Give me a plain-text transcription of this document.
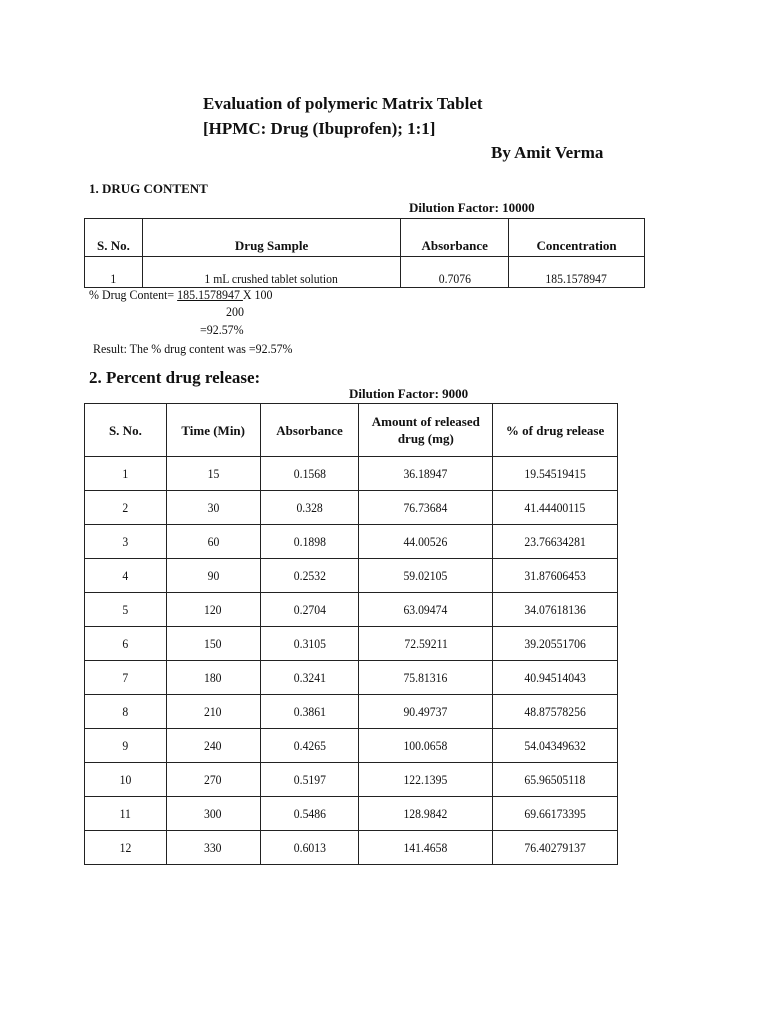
Evaluation of polymeric Matrix Tablet
[HPMC: Drug (Ibuprofen); 1:1]
By Amit Verma
1. DRUG CONTENT
Dilution Factor: 10000
S. No.	Drug Sample	Absorbance	Concentration
1	1 mL crushed tablet solution	0.7076	185.1578947
% Drug Content= 185.1578947 X 100
200
=92.57%
Result: The % drug content was =92.57%
2. Percent drug release:
Dilution Factor: 9000
S. No.	Time (Min)	Absorbance	Amount of released drug (mg)	% of drug release
1	15	0.1568	36.18947	19.54519415
2	30	0.328	76.73684	41.44400115
3	60	0.1898	44.00526	23.76634281
4	90	0.2532	59.02105	31.87606453
5	120	0.2704	63.09474	34.07618136
6	150	0.3105	72.59211	39.20551706
7	180	0.3241	75.81316	40.94514043
8	210	0.3861	90.49737	48.87578256
9	240	0.4265	100.0658	54.04349632
10	270	0.5197	122.1395	65.96505118
11	300	0.5486	128.9842	69.66173395
12	330	0.6013	141.4658	76.40279137
